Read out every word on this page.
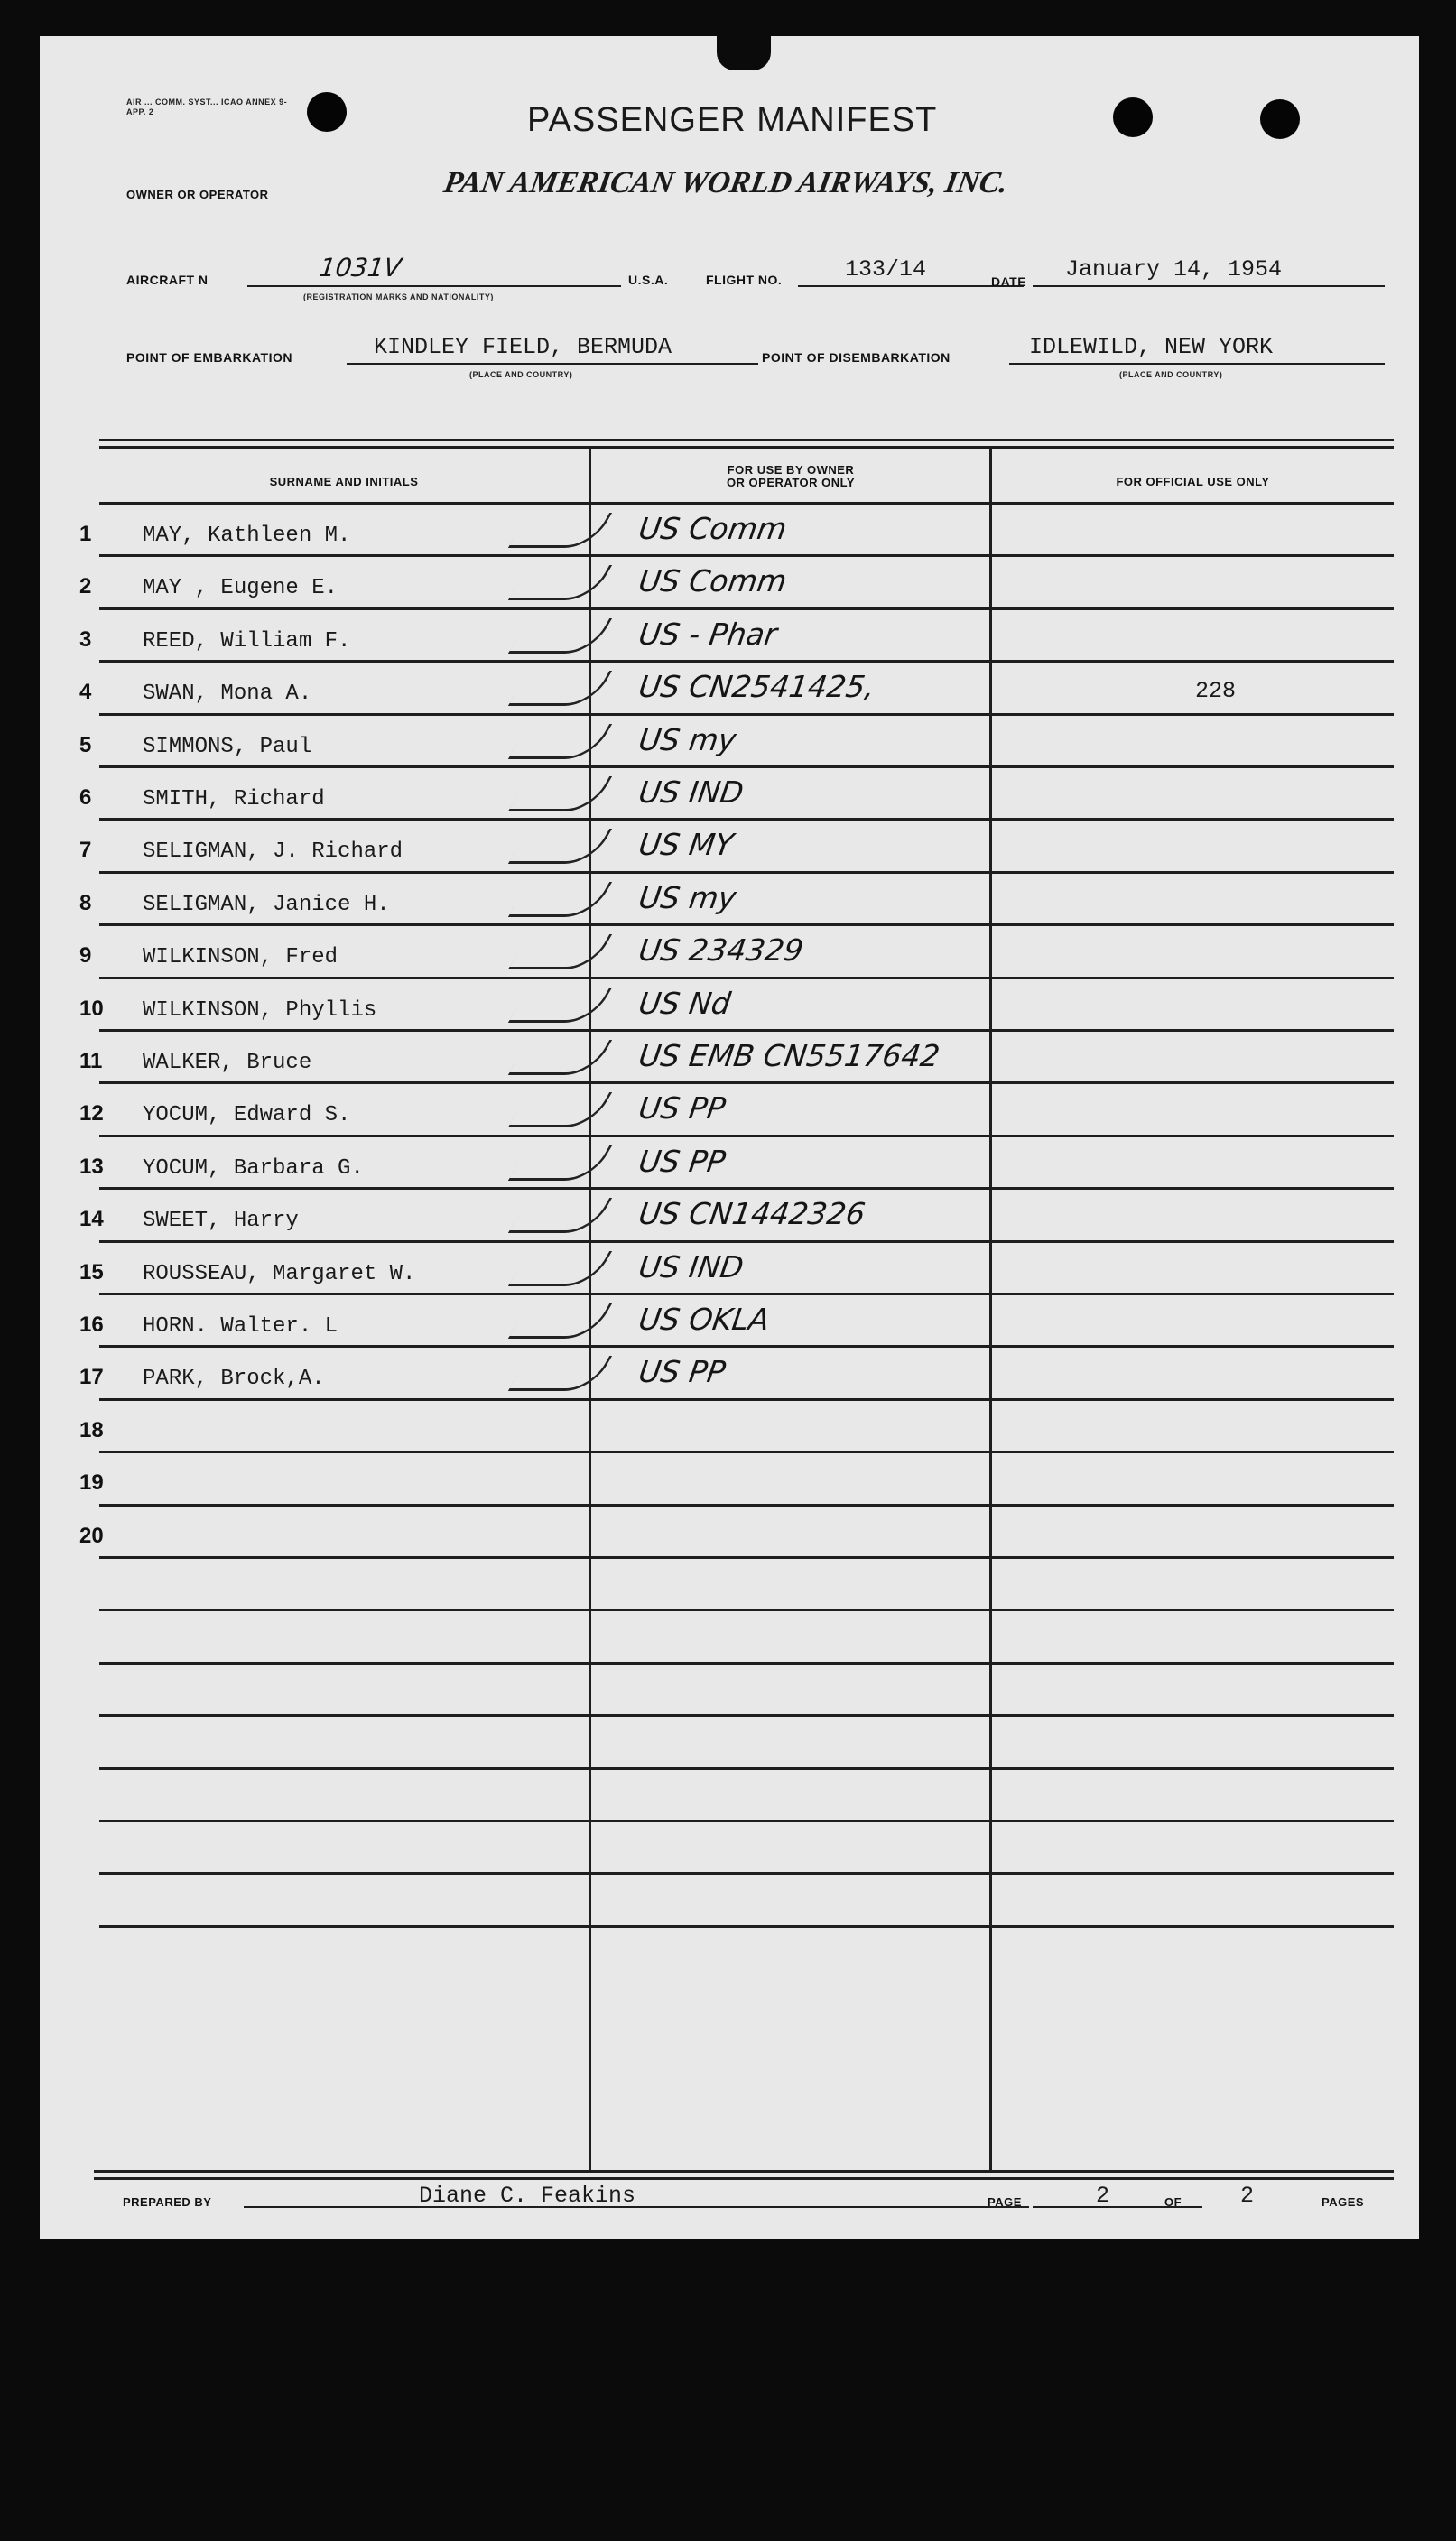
AIR ... COMM. SYST... ICAO ANNEX 9-APP. 2	PASSENGER MANIFEST
OWNER OR OPERATOR	PAN AMERICAN WORLD AIRWAYS, INC.
AIRCRAFT N	1031V
(REGISTRATION MARKS AND NATIONALITY)
U.S.A.	FLIGHT NO.	133/14	DATE January 14, 1954
POINT OF EMBARKATION	KINDLEY FIELD, BERMUDA
(PLACE AND COUNTRY)
POINT OF DISEMBARKATION	IDLEWILD, NEW YORK
(PLACE AND COUNTRY)
SURNAME AND INITIALS
FOR USE BY OWNER OR OPERATOR ONLY	FOR OFFICIAL USE ONLY
1 MAY, Kathleen M.	US Comm
2 MAY , Eugene E.	US Comm
3 REED, William F.	US - Phar
4 SWAN, Mona A.	US CN2541425,	228
5 SIMMONS, Paul	US my
6 SMITH, Richard	US IND
7 SELIGMAN, J. Richard	US MY
8 SELIGMAN, Janice H.	US my
9 WILKINSON, Fred	US 234329
10 WILKINSON, Phyllis	US Nd
11 WALKER, Bruce	US EMB CN5517642
12 YOCUM, Edward S.	US PP
13 YOCUM, Barbara G.	US PP
14 SWEET, Harry	US CN1442326
15 ROUSSEAU, Margaret W.	US IND
16 HORN. Walter. L	US OKLA
17 PARK, Brock,A.	US PP
18
19
20
PREPARED BY	Diane C. Feakins	PAGE	2	OF	2	PAGES
